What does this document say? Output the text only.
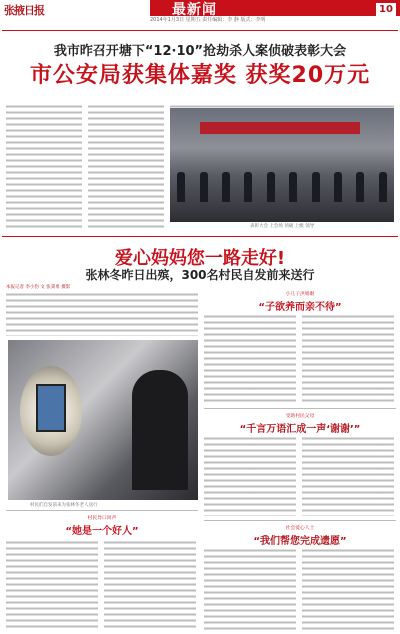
张掖日报	最新闻
2014年1月3日 星期五 责任编辑：李 静 版式：李明
10
我市昨召开塘下“12·10”抢劫杀人案侦破表彰大会
市公安局获集体嘉奖 获奖20万元
表彰大会 上会场 侦破 上级 领导
爱心妈妈您一路走好!
张林冬昨日出殡，300名村民自发前来送行
本报记者 李小豹 文 张秉勇 摄影
村民们自发前来为张林冬老人送行
村民异口同声
“她是一个好人”
小儿子洪娟眼
“子欲养而亲不待”
受助村民父母
“千言万语汇成一声‘谢谢’”
社会爱心人士
“我们帮您完成遗愿”
